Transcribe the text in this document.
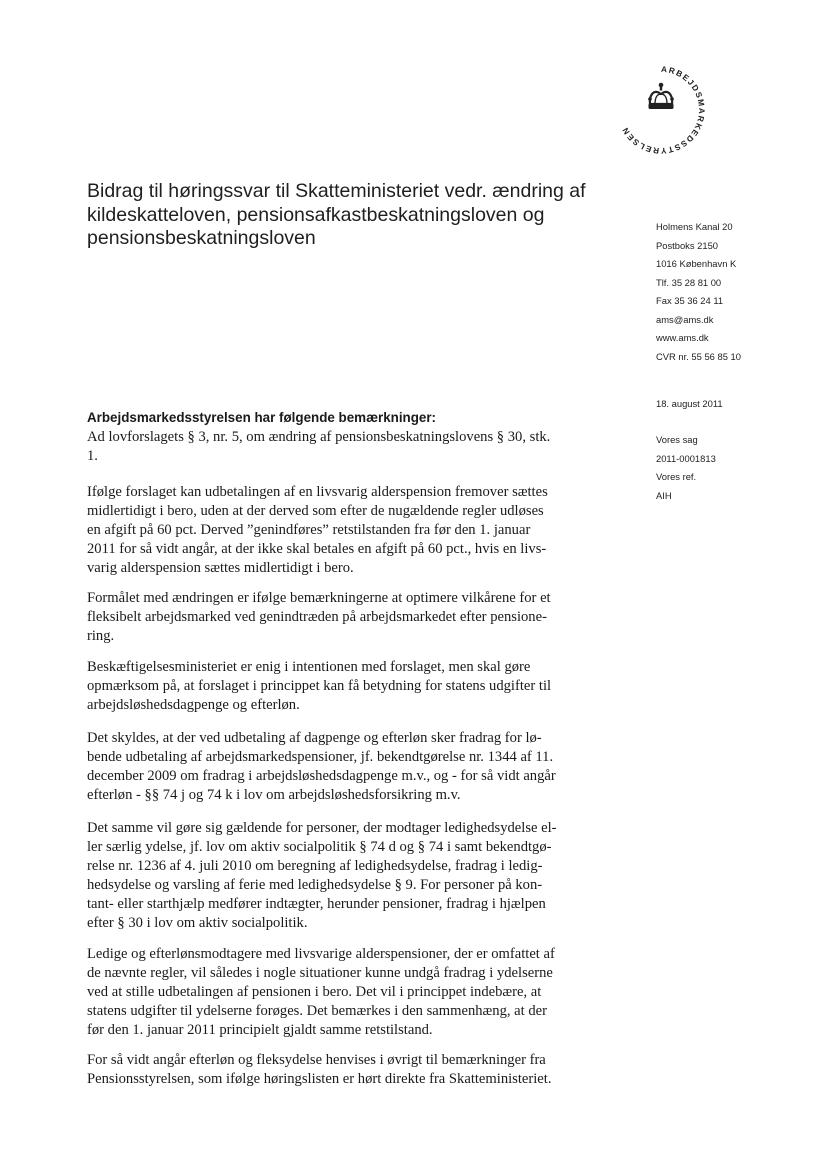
ARBEJDSMARKEDSSTYRELSEN
Bidrag til høringssvar til Skatteministeriet vedr. ændring af
kildeskatteloven, pensionsafkastbeskatningsloven og
pensionsbeskatningsloven
Holmens Kanal 20
Postboks 2150
1016 København K
Tlf. 35 28 81 00
Fax 35 36 24 11
ams@ams.dk
www.ams.dk
CVR nr. 55 56 85 10
18. august 2011
Vores sag
2011-0001813
Vores ref.
AIH
Arbejdsmarkedsstyrelsen har følgende bemærkninger:
Ad lovforslagets § 3, nr. 5, om ændring af pensionsbeskatningslovens § 30, stk.
1.
Ifølge forslaget kan udbetalingen af en livsvarig alderspension fremover sættes
midlertidigt i bero, uden at der derved som efter de nugældende regler udløses
en afgift på 60 pct. Derved ”genindføres” retstilstanden fra før den 1. januar
2011 for så vidt angår, at der ikke skal betales en afgift på 60 pct., hvis en livs-
varig alderspension sættes midlertidigt i bero.
Formålet med ændringen er ifølge bemærkningerne at optimere vilkårene for et
fleksibelt arbejdsmarked ved genindtræden på arbejdsmarkedet efter pensione-
ring.
Beskæftigelsesministeriet er enig i intentionen med forslaget, men skal gøre
opmærksom på, at forslaget i princippet kan få betydning for statens udgifter til
arbejdsløshedsdagpenge og efterløn.
Det skyldes, at der ved udbetaling af dagpenge og efterløn sker fradrag for lø-
bende udbetaling af arbejdsmarkedspensioner, jf. bekendtgørelse nr. 1344 af 11.
december 2009 om fradrag i arbejdsløshedsdagpenge m.v., og - for så vidt angår
efterløn - §§ 74 j og 74 k i lov om arbejdsløshedsforsikring m.v.
Det samme vil gøre sig gældende for personer, der modtager ledighedsydelse el-
ler særlig ydelse, jf. lov om aktiv socialpolitik § 74 d og § 74 i samt bekendtgø-
relse nr. 1236 af 4. juli 2010 om beregning af ledighedsydelse, fradrag i ledig-
hedsydelse og varsling af ferie med ledighedsydelse § 9. For personer på kon-
tant- eller starthjælp medfører indtægter, herunder pensioner, fradrag i hjælpen
efter § 30 i lov om aktiv socialpolitik.
Ledige og efterlønsmodtagere med livsvarige alderspensioner, der er omfattet af
de nævnte regler, vil således i nogle situationer kunne undgå fradrag i ydelserne
ved at stille udbetalingen af pensionen i bero. Det vil i princippet indebære, at
statens udgifter til ydelserne forøges. Det bemærkes i den sammenhæng, at der
før den 1. januar 2011 principielt gjaldt samme retstilstand.
For så vidt angår efterløn og fleksydelse henvises i øvrigt til bemærkninger fra
Pensionsstyrelsen, som ifølge høringslisten er hørt direkte fra Skatteministeriet.
